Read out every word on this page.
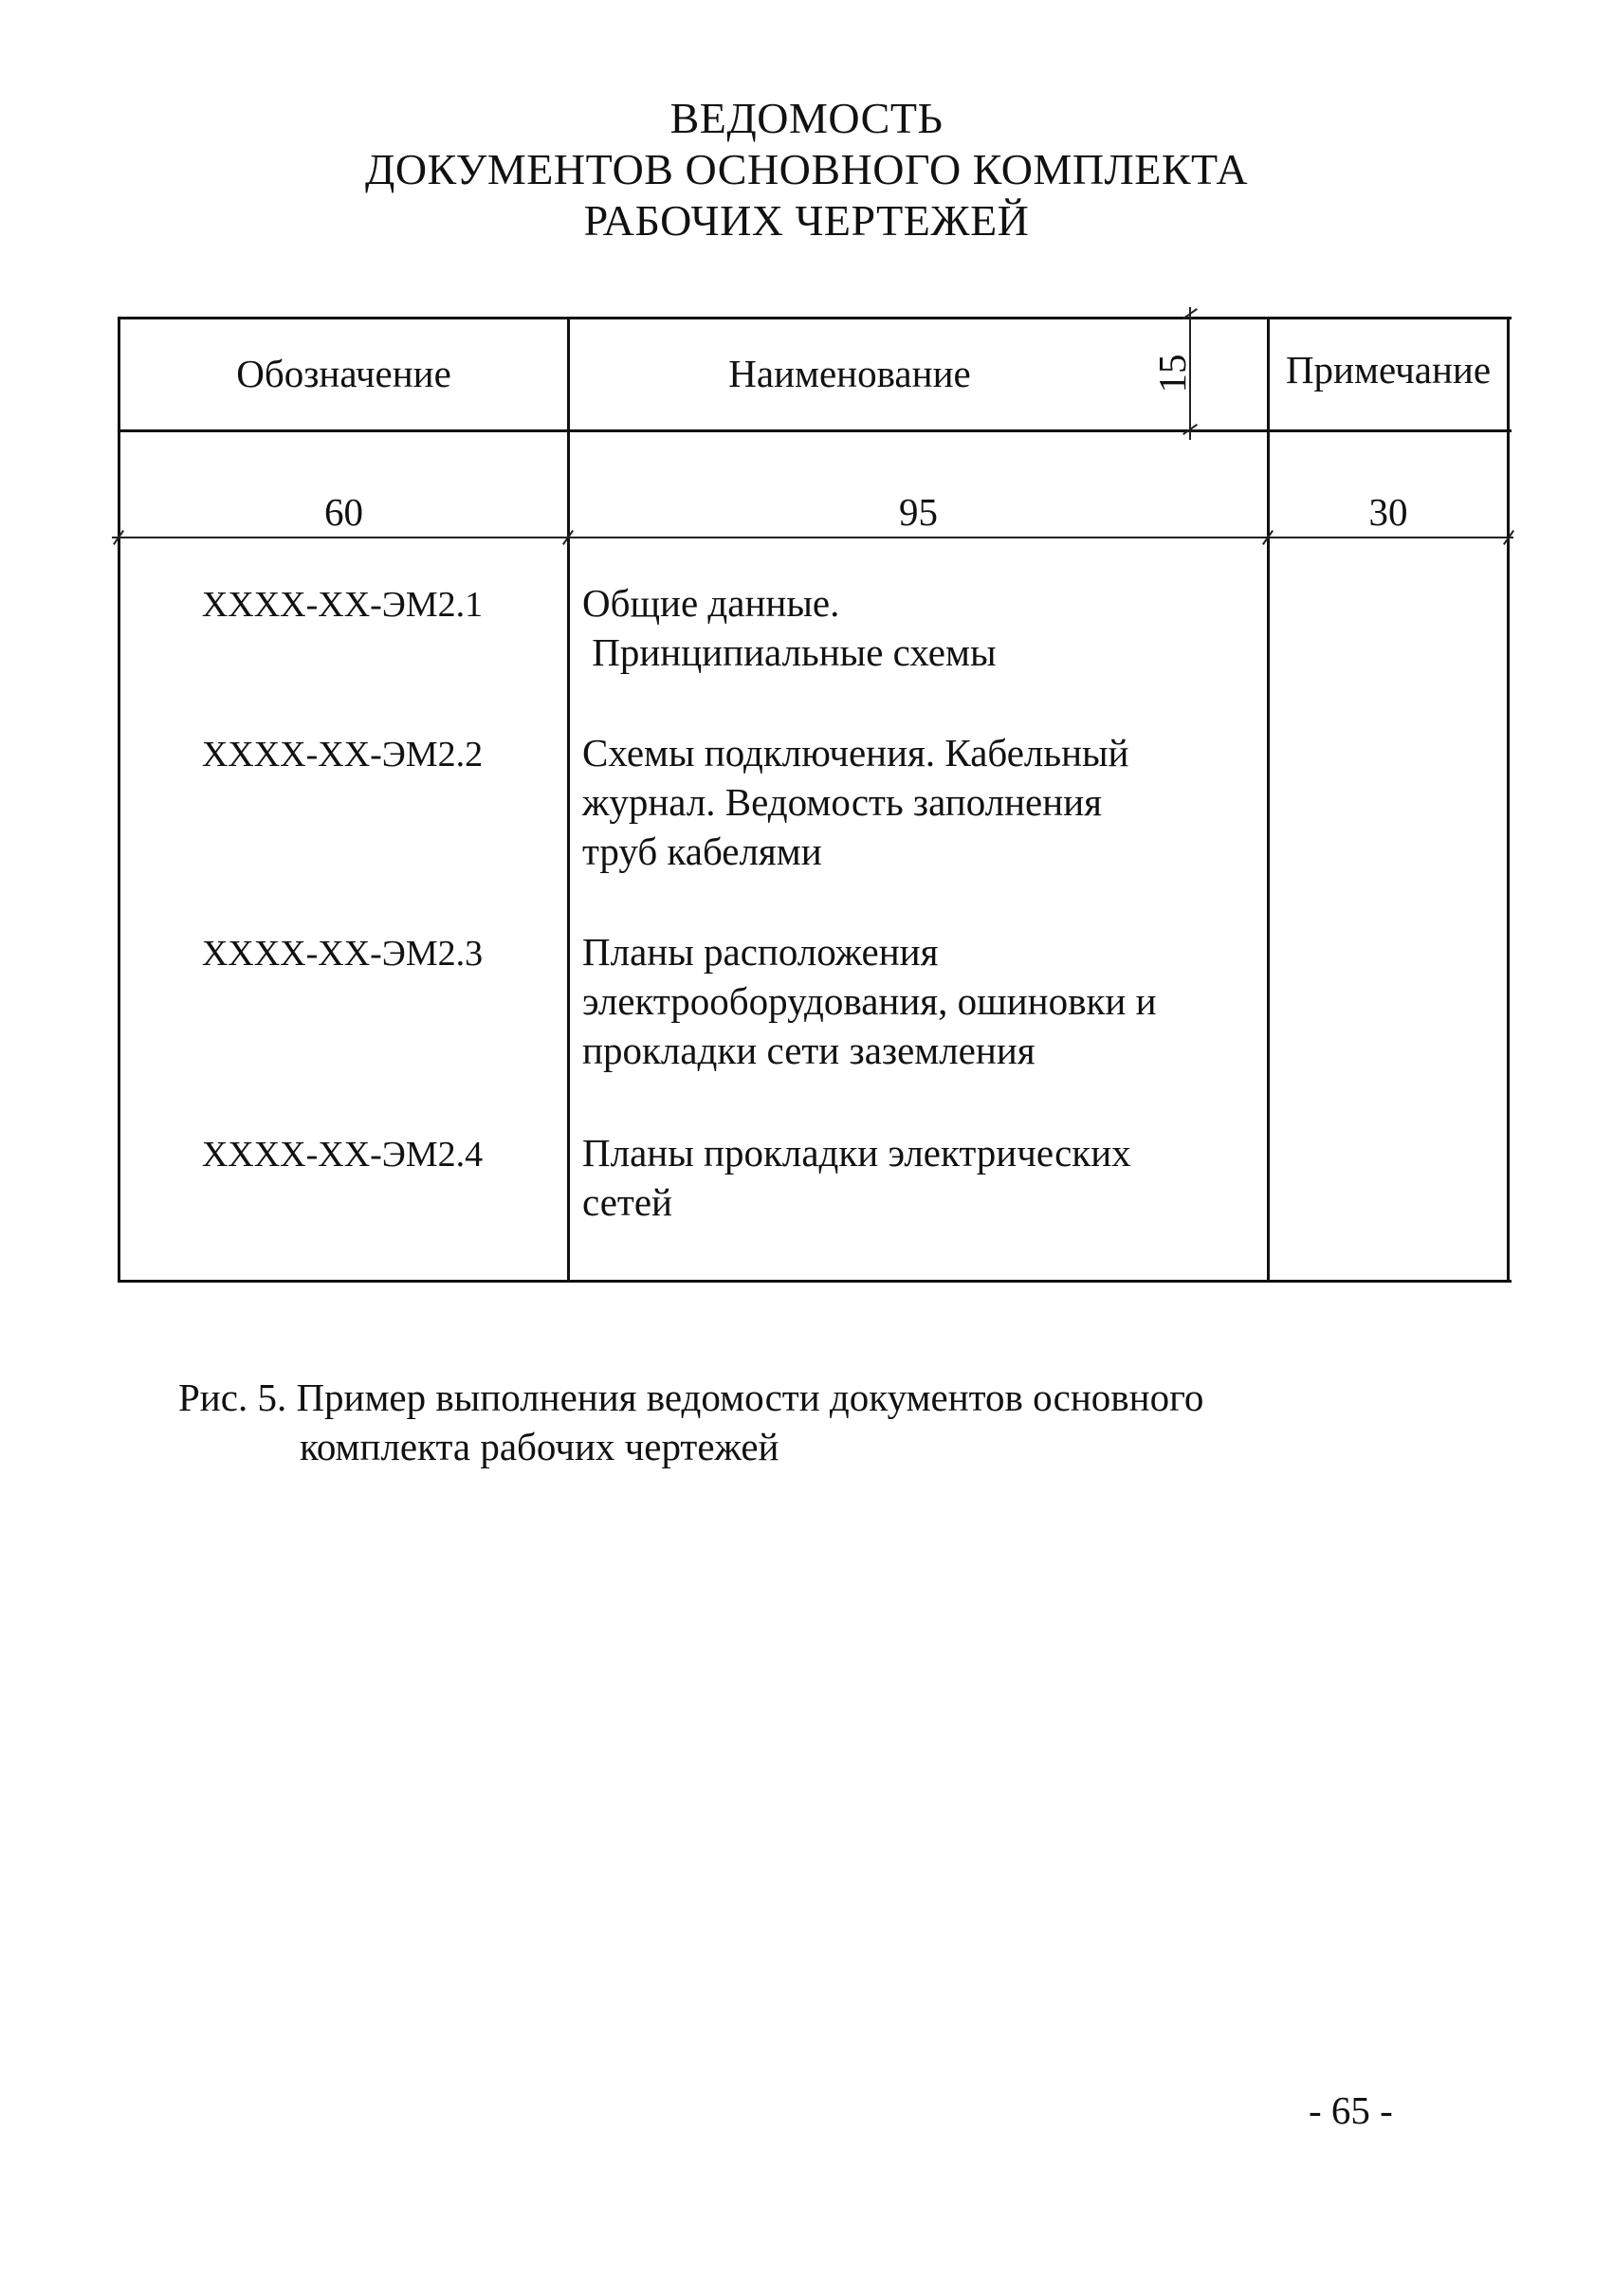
ВЕДОМОСТЬ
ДОКУМЕНТОВ ОСНОВНОГО КОМПЛЕКТА
РАБОЧИХ ЧЕРТЕЖЕЙ
Обозначение	Наименование	Примечание
15
60	95	30
XXXX-XX-ЭМ2.1	Общие данные.
Принципиальные схемы
XXXX-XX-ЭМ2.2	Схемы подключения. Кабельный
журнал. Ведомость заполнения
труб кабелями
XXXX-XX-ЭМ2.3	Планы расположения
электрооборудования, ошиновки и
прокладки сети заземления
XXXX-XX-ЭМ2.4	Планы прокладки электрических
сетей
Рис. 5. Пример выполнения ведомости документов основного
комплекта рабочих чертежей
- 65 -
